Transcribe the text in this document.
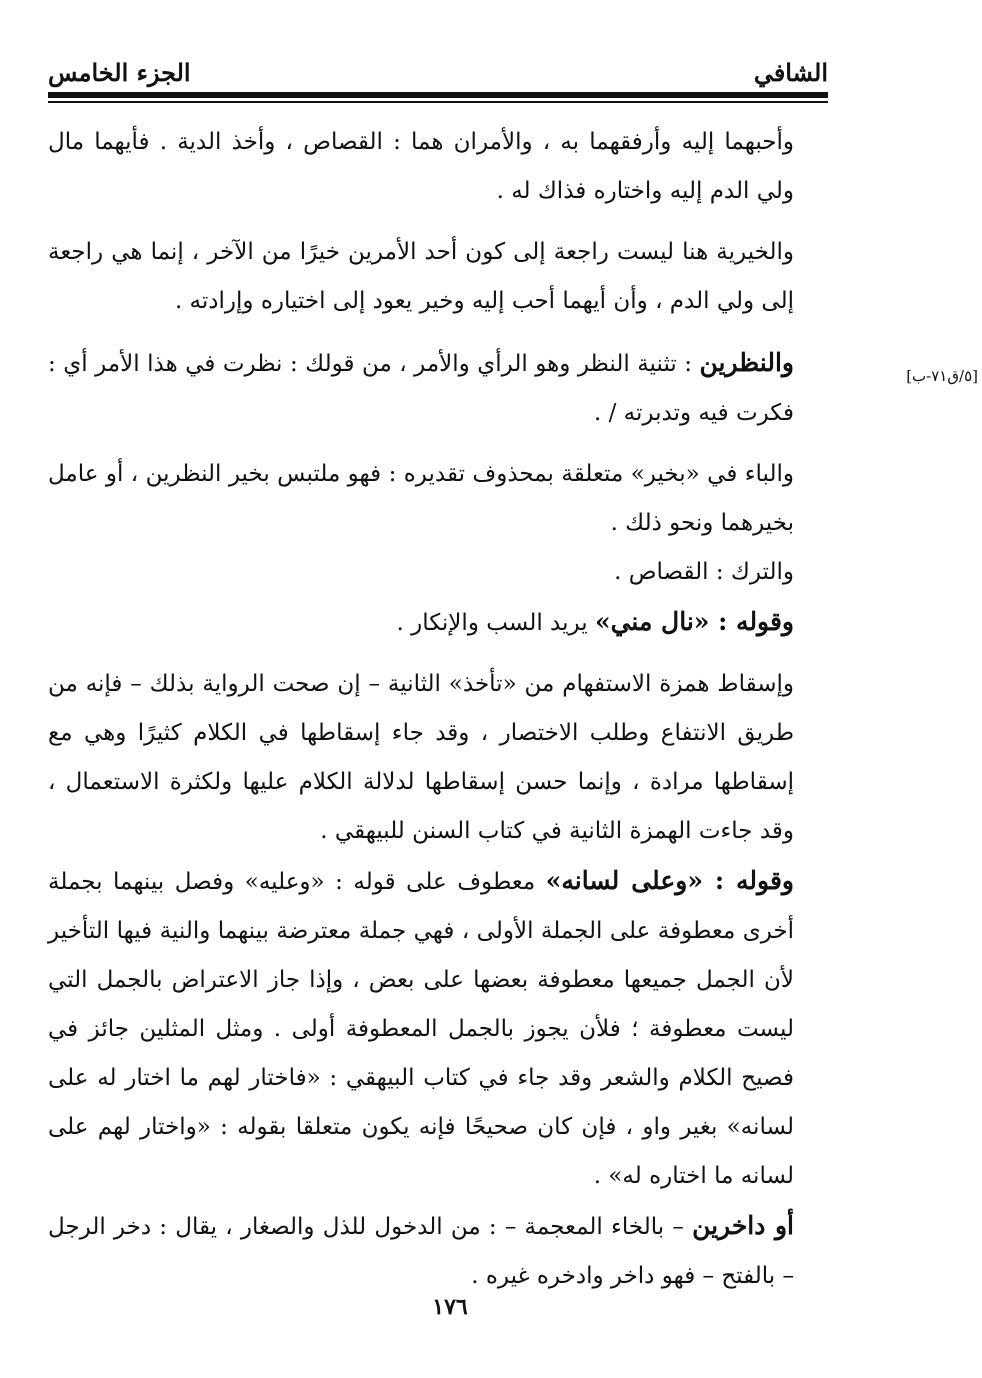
الشافي
الجزء الخامس

وأحبهما إليه وأرفقهما به ، والأمران هما : القصاص ، وأخذ الدية . فأيهما مال ولي الدم إليه واختاره فذاك له .

والخيرية هنا ليست راجعة إلى كون أحد الأمرين خيرًا من الآخر ، إنما هي راجعة إلى ولي الدم ، وأن أيهما أحب إليه وخير يعود إلى اختياره وإرادته .

والنظرين : تثنية النظر وهو الرأي والأمر ، من قولك : نظرت في هذا الأمر أي : فكرت فيه وتدبرته / .

والباء في «بخير» متعلقة بمحذوف تقديره : فهو ملتبس بخير النظرين ، أو عامل بخيرهما ونحو ذلك .

والترك : القصاص .

وقوله : «نال مني» يريد السب والإنكار .

وإسقاط همزة الاستفهام من «تأخذ» الثانية – إن صحت الرواية بذلك – فإنه من طريق الانتفاع وطلب الاختصار ، وقد جاء إسقاطها في الكلام كثيرًا وهي مع إسقاطها مرادة ، وإنما حسن إسقاطها لدلالة الكلام عليها ولكثرة الاستعمال ، وقد جاءت الهمزة الثانية في كتاب السنن للبيهقي .

وقوله : «وعلى لسانه» معطوف على قوله : «وعليه» وفصل بينهما بجملة أخرى معطوفة على الجملة الأولى ، فهي جملة معترضة بينهما والنية فيها التأخير لأن الجمل جميعها معطوفة بعضها على بعض ، وإذا جاز الاعتراض بالجمل التي ليست معطوفة ؛ فلأن يجوز بالجمل المعطوفة أولى . ومثل المثلين جائز في فصيح الكلام والشعر وقد جاء في كتاب البيهقي : «فاختار لهم ما اختار له على لسانه» بغير واو ، فإن كان صحيحًا فإنه يكون متعلقا بقوله : «واختار لهم على لسانه ما اختاره له» .

أو داخرين – بالخاء المعجمة – : من الدخول للذل والصغار ، يقال : دخر الرجل – بالفتح – فهو داخر وادخره غيره .

[٥/ق٧١-ب]
١٧٦
